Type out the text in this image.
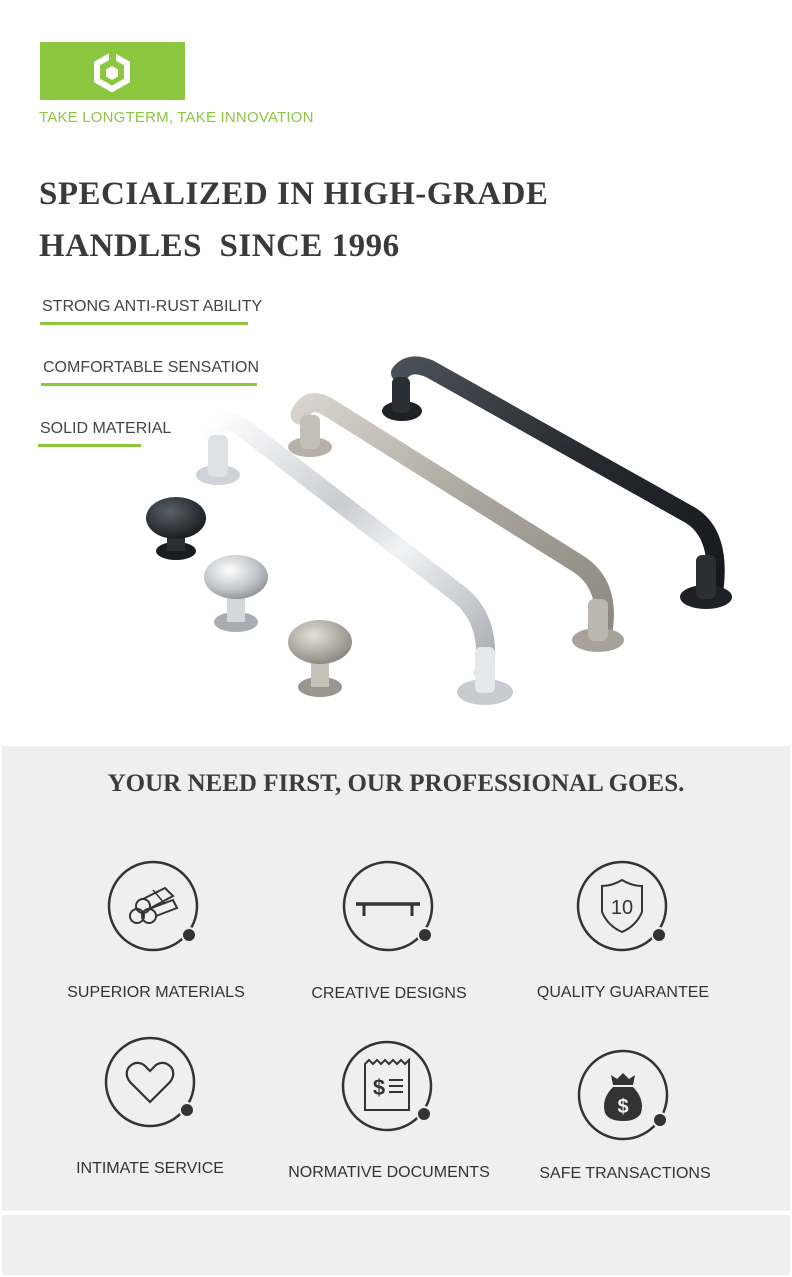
TAKE LONGTERM, TAKE INNOVATION
SPECIALIZED IN HIGH-GRADE
HANDLES  SINCE 1996
STRONG ANTI-RUST ABILITY
COMFORTABLE SENSATION
SOLID MATERIAL
YOUR NEED FIRST, OUR PROFESSIONAL GOES.
SUPERIOR MATERIALS	CREATIVE DESIGNS
10
QUALITY GUARANTEE
INTIMATE SERVICE
$
NORMATIVE DOCUMENTS
$
SAFE TRANSACTIONS
